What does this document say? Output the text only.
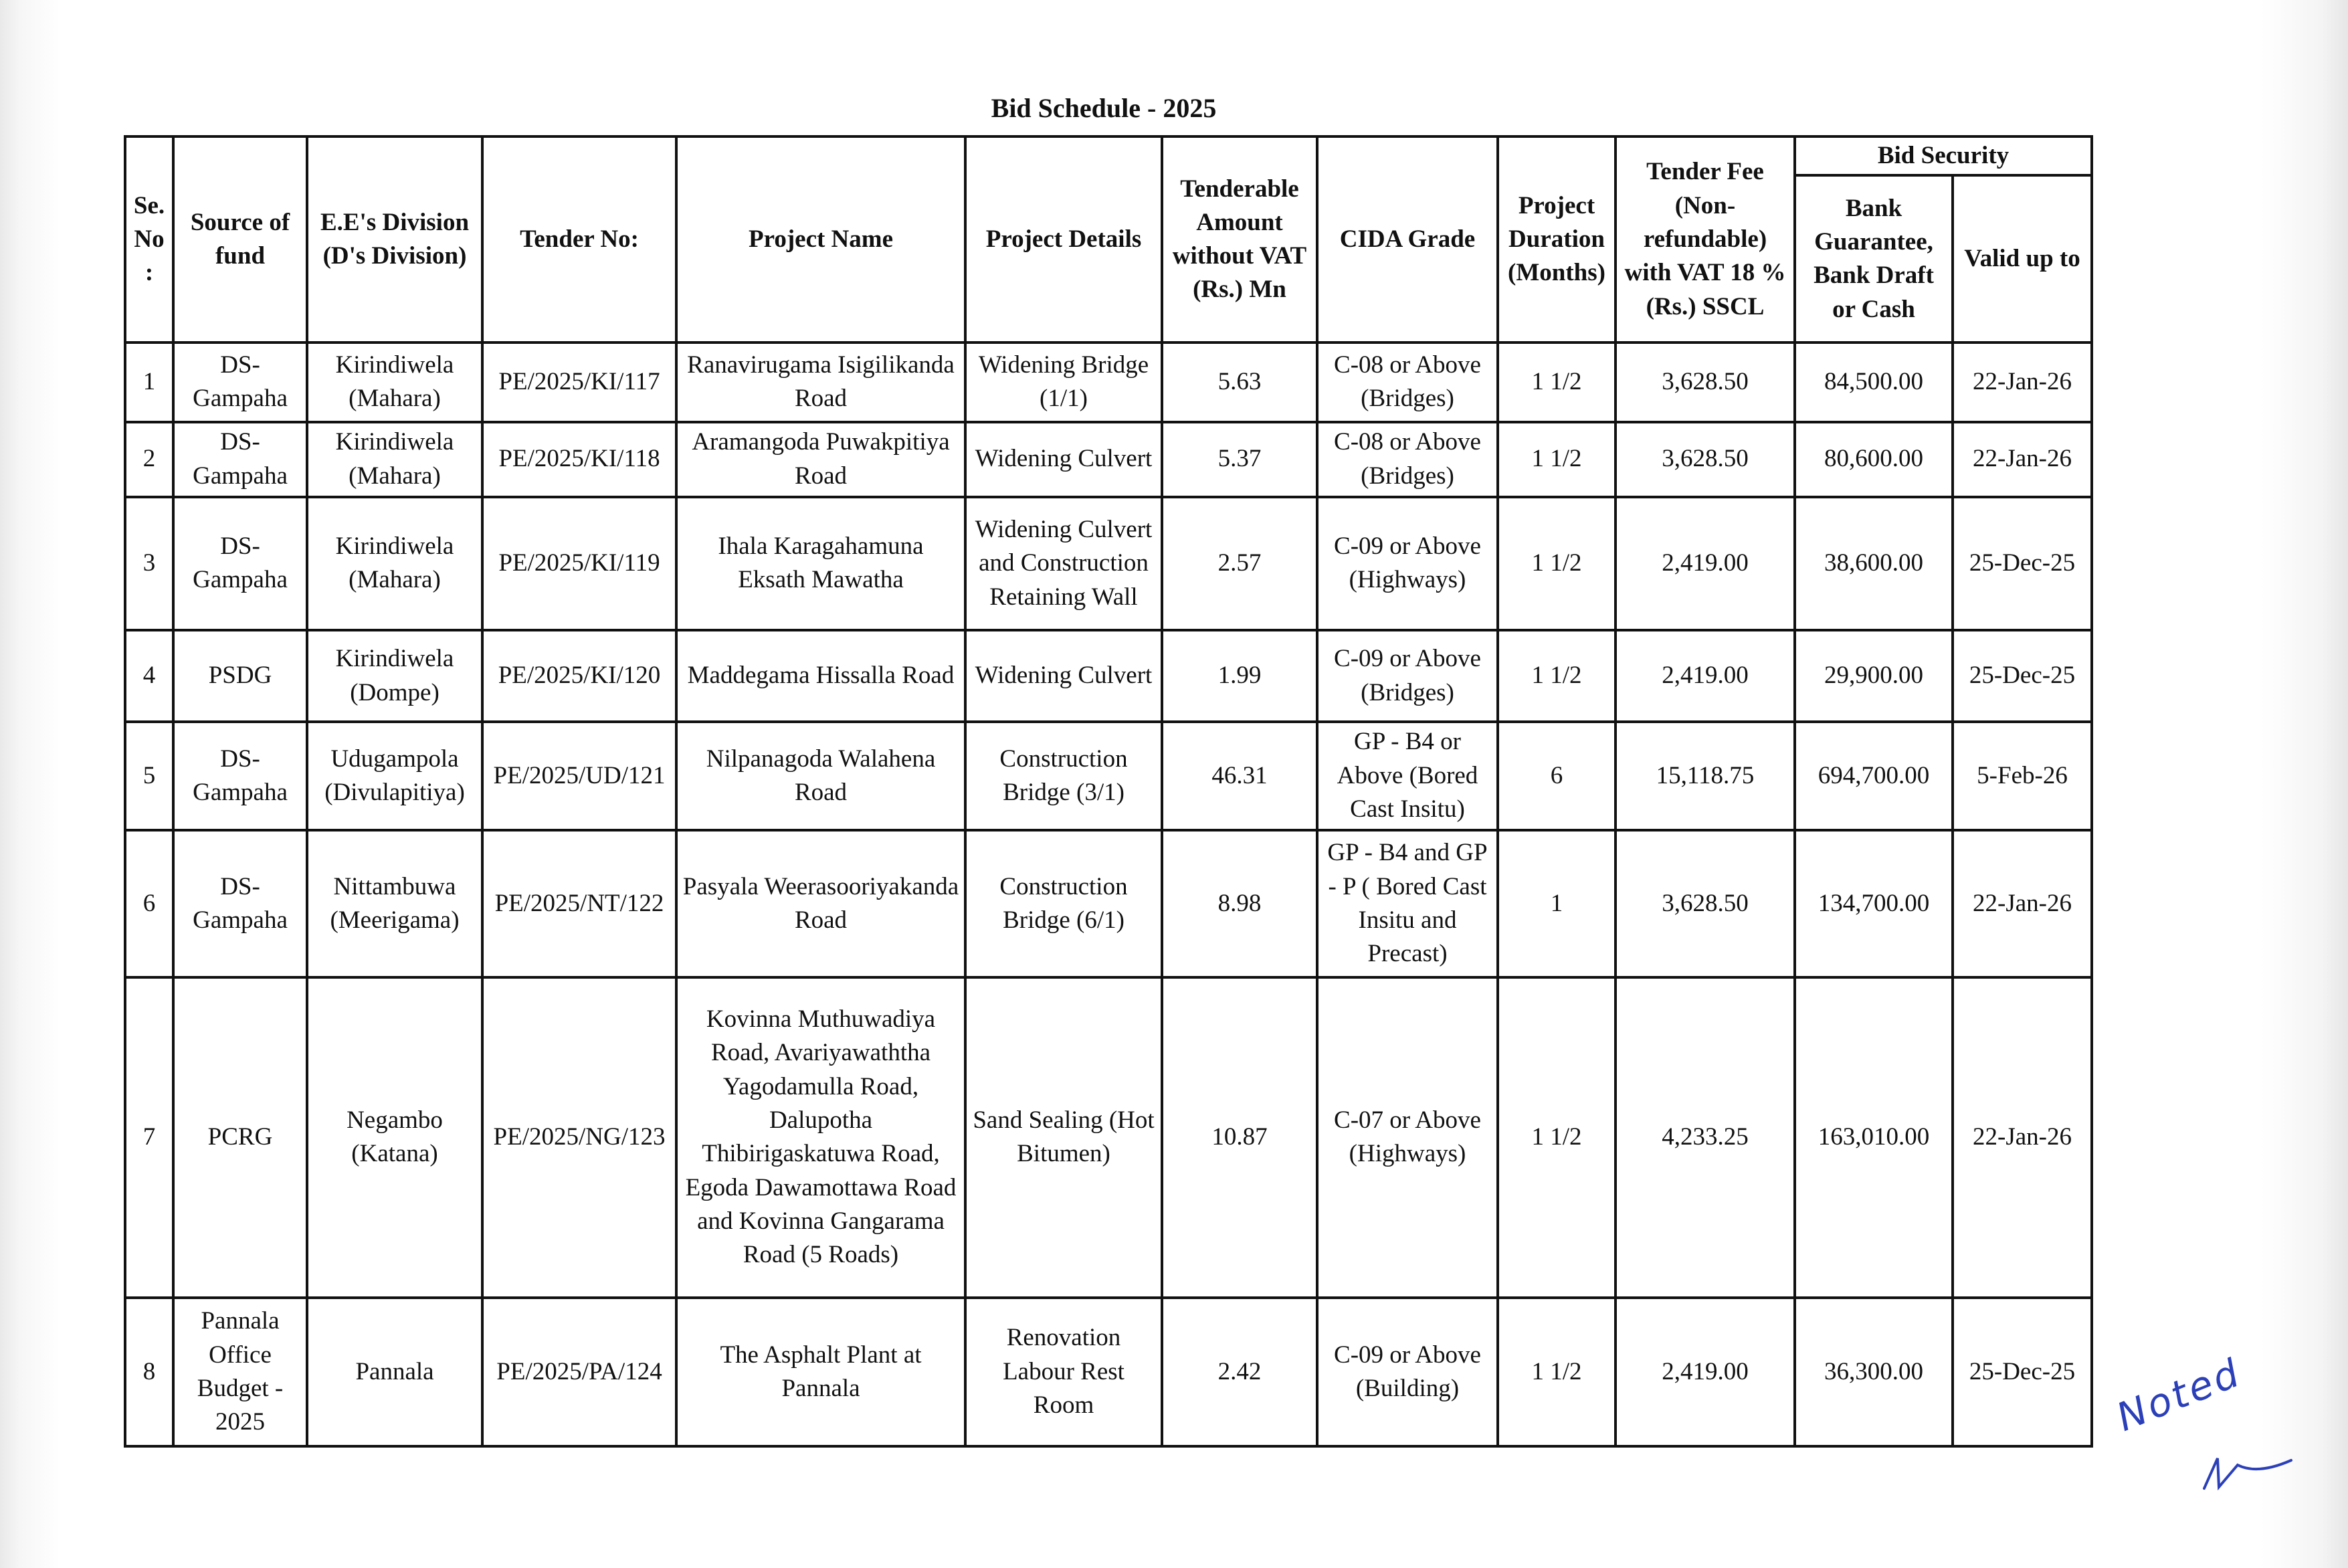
Bid Schedule - 2025
Se. No :	Source of fund	E.E's Division (D's Division)	Tender No:	Project Name	Project Details	Tenderable Amount without VAT (Rs.) Mn	CIDA Grade	Project Duration (Months)	Tender Fee (Non-refundable) with VAT 18 % (Rs.) SSCL	Bid Security	
										Bank Guarantee, Bank Draft or Cash	Valid up to
1	DS-Gampaha	Kirindiwela (Mahara)	PE/2025/KI/117	Ranavirugama Isigilikanda Road	Widening Bridge (1/1)	5.63	C-08 or Above (Bridges)	1 1/2	3,628.50	84,500.00	22-Jan-26
2	DS-Gampaha	Kirindiwela (Mahara)	PE/2025/KI/118	Aramangoda Puwakpitiya Road	Widening Culvert	5.37	C-08 or Above (Bridges)	1 1/2	3,628.50	80,600.00	22-Jan-26
3	DS-Gampaha	Kirindiwela (Mahara)	PE/2025/KI/119	Ihala Karagahamuna Eksath Mawatha	Widening Culvert and Construction Retaining Wall	2.57	C-09 or Above (Highways)	1 1/2	2,419.00	38,600.00	25-Dec-25
4	PSDG	Kirindiwela (Dompe)	PE/2025/KI/120	Maddegama Hissalla Road	Widening Culvert	1.99	C-09 or Above (Bridges)	1 1/2	2,419.00	29,900.00	25-Dec-25
5	DS-Gampaha	Udugampola (Divulapitiya)	PE/2025/UD/121	Nilpanagoda Walahena Road	Construction Bridge (3/1)	46.31	GP - B4 or Above (Bored Cast Insitu)	6	15,118.75	694,700.00	5-Feb-26
6	DS-Gampaha	Nittambuwa (Meerigama)	PE/2025/NT/122	Pasyala Weerasooriyakanda Road	Construction Bridge (6/1)	8.98	GP - B4 and GP - P ( Bored Cast Insitu and Precast)	1	3,628.50	134,700.00	22-Jan-26
7	PCRG	Negambo (Katana)	PE/2025/NG/123	Kovinna Muthuwadiya Road, Avariyawaththa Yagodamulla Road, Dalupotha Thibirigaskatuwa Road, Egoda Dawamottawa Road and Kovinna Gangarama Road (5 Roads)	Sand Sealing (Hot Bitumen)	10.87	C-07 or Above (Highways)	1 1/2	4,233.25	163,010.00	22-Jan-26
8	Pannala Office Budget - 2025	Pannala	PE/2025/PA/124	The Asphalt Plant at Pannala	Renovation Labour Rest Room	2.42	C-09 or Above (Building)	1 1/2	2,419.00	36,300.00	25-Dec-25 Noted
